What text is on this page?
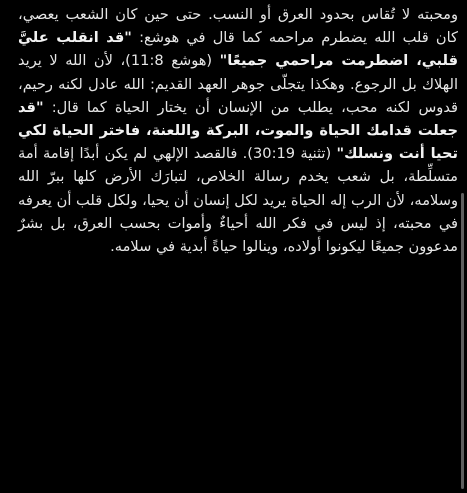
ومحبته لا تُقاس بحدود العرق أو النسب. حتى حين كان الشعب يعصي، كان قلب الله يضطرم مراحمه كما قال في هوشع: "قد انقلب عليَّ قلبي، اضطرمت مراحمي جميعًا" (هوشع 11:8)، لأن الله لا يريد الهلاك بل الرجوع. وهكذا يتجلّى جوهر العهد القديم: الله عادل لكنه رحيم، قدوس لكنه محب، يطلب من الإنسان أن يختار الحياة كما قال: "قد جعلت قدامك الحياة والموت، البركة واللعنة، فاختر الحياة لكي تحيا أنت ونسلك" (تثنية 30:19). فالقصد الإلهي لم يكن أبدًا إقامة أمة متسلِّطة، بل شعب يخدم رسالة الخلاص، لتبارَك الأرض كلها ببرّ الله وسلامه، لأن الرب إله الحياة يريد لكل إنسان أن يحيا، ولكل قلب أن يعرفه في محبته، إذ ليس في فكر الله أحياءٌ وأموات بحسب العرق، بل بشرٌ مدعوون جميعًا ليكونوا أولاده، وينالوا حياةً أبدية في سلامه.
